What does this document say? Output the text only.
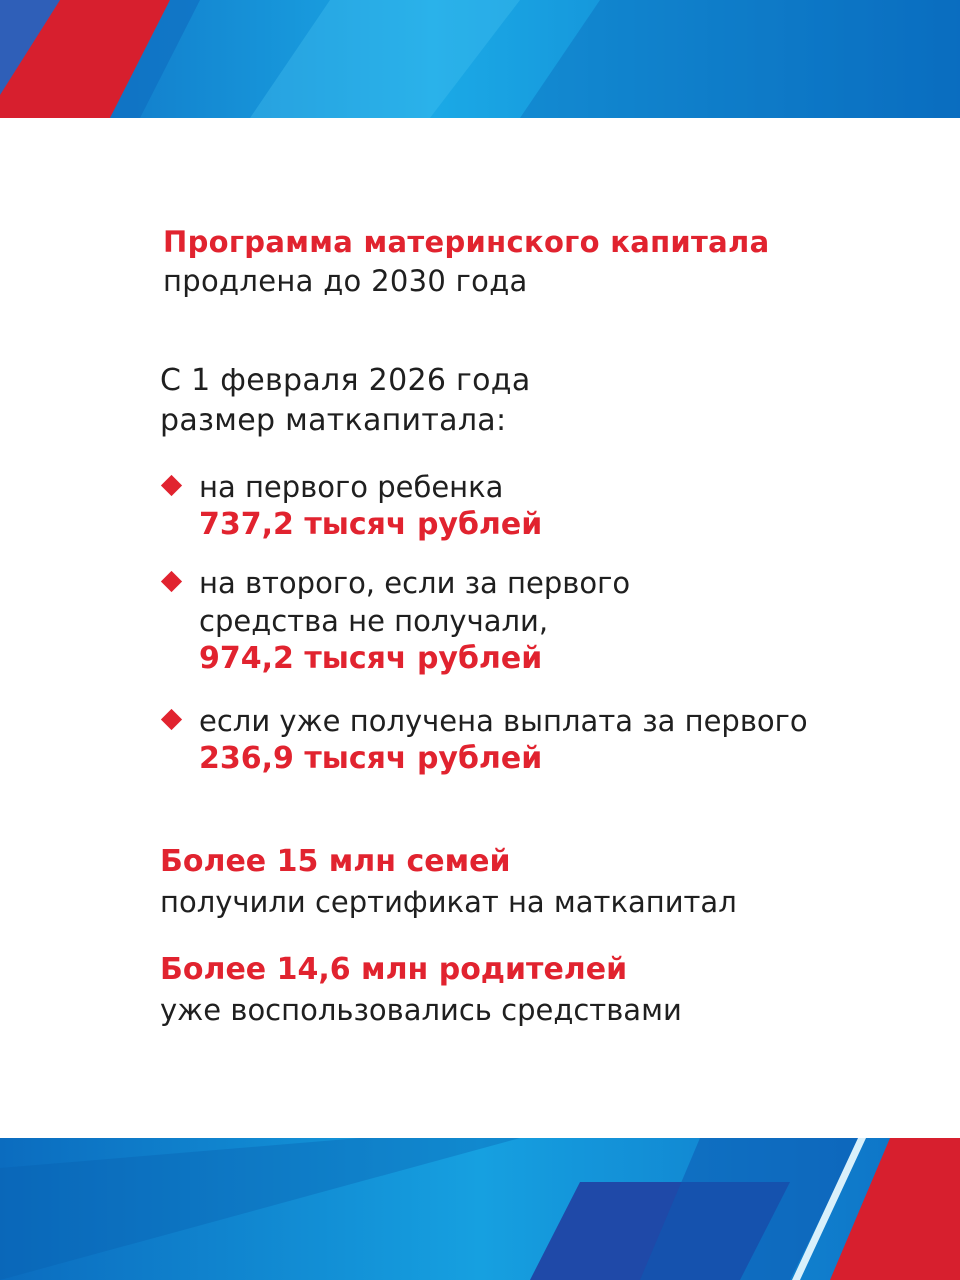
Программа материнского капитала
продлена до 2030 года
С 1 февраля 2026 года
размер маткапитала:
на первого ребенка
737,2 тысяч рублей
на второго, если за первого
средства не получали,
974,2 тысяч рублей
если уже получена выплата за первого
236,9 тысяч рублей
Более 15 млн семей
получили сертификат на маткапитал
Более 14,6 млн родителей
уже воспользовались средствами
